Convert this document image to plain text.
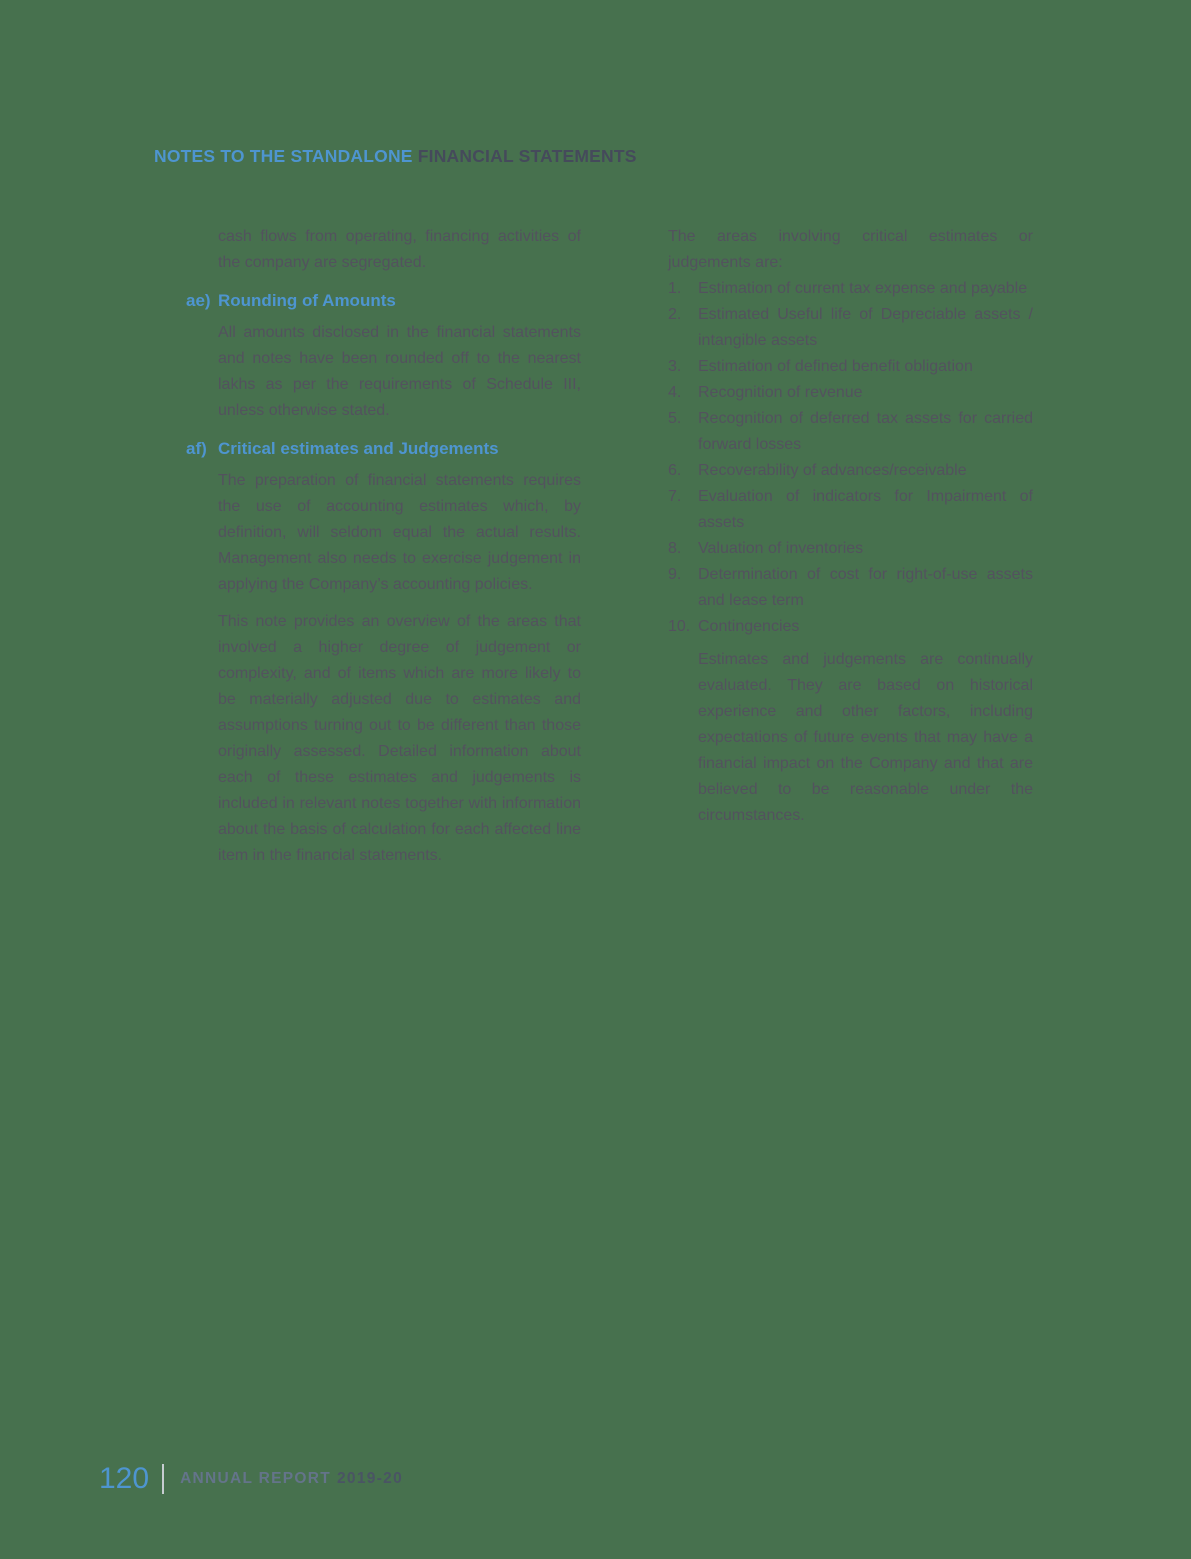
NOTES TO THE STANDALONE FINANCIAL STATEMENTS

cash flows from operating, financing activities of the company are segregated.

ae) Rounding of Amounts

All amounts disclosed in the financial statements and notes have been rounded off to the nearest lakhs as per the requirements of Schedule III, unless otherwise stated.

af) Critical estimates and Judgements

The preparation of financial statements requires the use of accounting estimates which, by definition, will seldom equal the actual results. Management also needs to exercise judgement in applying the Company’s accounting policies.

This note provides an overview of the areas that involved a higher degree of judgement or complexity, and of items which are more likely to be materially adjusted due to estimates and assumptions turning out to be different than those originally assessed. Detailed information about each of these estimates and judgements is included in relevant notes together with information about the basis of calculation for each affected line item in the financial statements.

The areas involving critical estimates or judgements are:

1.	Estimation of current tax expense and payable
2.	Estimated Useful life of Depreciable assets / intangible assets
3.	Estimation of defined benefit obligation
4.	Recognition of revenue
5.	Recognition of deferred tax assets for carried forward losses
6.	Recoverability of advances/receivable
7.	Evaluation of indicators for Impairment of assets
8.	Valuation of inventories
9.	Determination of cost for right-of-use assets and lease term
10. Contingencies

Estimates and judgements are continually evaluated. They are based on historical experience and other factors, including expectations of future events that may have a financial impact on the Company and that are believed to be reasonable under the circumstances.

120 ANNUAL REPORT 2019-20
